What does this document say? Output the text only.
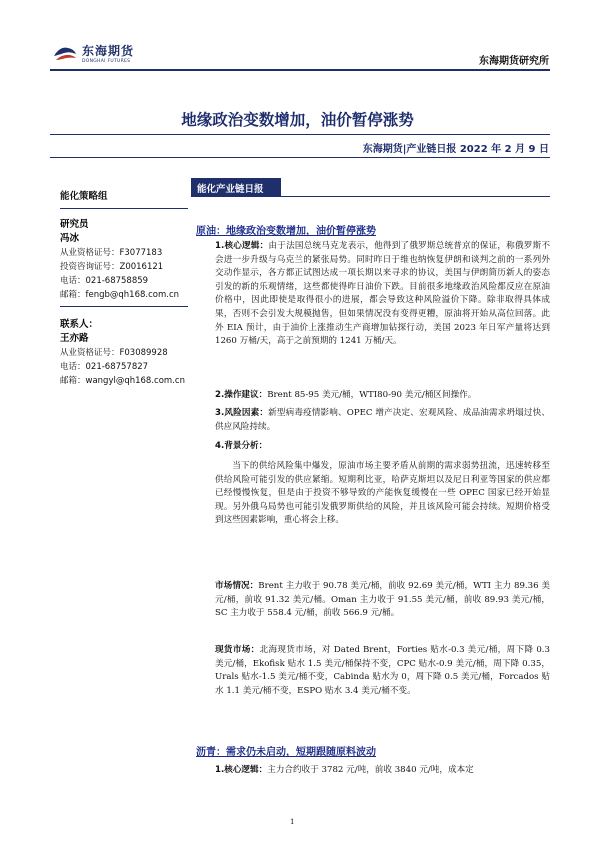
东海期货
DONGHAI FUTURES	东海期货研究所
地缘政治变数增加，油价暂停涨势
东海期货|产业链日报 2022 年 2 月 9 日
能化策略组
研究员
冯冰
从业资格证号：F3077183
投资咨询证号：Z0016121
电话：021-68758859
邮箱：fengb@qh168.com.cn
联系人：
王亦路
从业资格证号：F03089928
电话：021-68757827
邮箱：wangyl@qh168.com.cn
能化产业链日报
原油：地缘政治变数增加，油价暂停涨势
1.核心逻辑：由于法国总统马克龙表示，他得到了俄罗斯总统普京的保证，称俄罗斯不会进一步升级与乌克兰的紧张局势。同时昨日于维也纳恢复伊朗和谈判之前的一系列外交动作显示，各方都正试图达成一项长期以来寻求的协议，美国与伊朗简历新人的姿态引发的新的乐观情绪，这些都使得昨日油价下跌。目前很多地缘政治风险都反应在原油价格中，因此即使是取得很小的进展，都会导致这种风险溢价下降。除非取得具体成果，否则不会引发大规模抛售，但如果情况没有变得更糟，原油将开始从高位回落。此外 EIA 预计，由于油价上涨推动生产商增加钻探行动，美国 2023 年日军产量将达到 1260 万桶/天，高于之前预期的 1241 万桶/天。
2.操作建议：Brent 85-95 美元/桶，WTI80-90 美元/桶区间操作。
3.风险因素：新型病毒疫情影响、OPEC 增产决定、宏观风险、成品油需求坍塌过快、供应风险持续。
4.背景分析：
当下的供给风险集中爆发，原油市场主要矛盾从前期的需求弱势扭流，迅速转移至供给风险可能引发的供应紧缩。短期利比亚，哈萨克斯坦以及尼日利亚等国家的供应都已经慢慢恢复，但是由于投资不够导致的产能恢复缓慢在一些 OPEC 国家已经开始显现。另外俄乌局势也可能引发俄罗斯供给的风险，并且该风险可能会持续。短期价格受到这些因素影响，重心将会上移。
市场情况：Brent 主力收于 90.78 美元/桶，前收 92.69 美元/桶，WTI 主力 89.36 美元/桶，前收 91.32 美元/桶。Oman 主力收于 91.55 美元/桶，前收 89.93 美元/桶，SC 主力收于 558.4 元/桶，前收 566.9 元/桶。
现货市场：北海现货市场，对 Dated Brent，Forties 贴水-0.3 美元/桶，周下降 0.3 美元/桶，Ekofisk 贴水 1.5 美元/桶保持不变，CPC 贴水-0.9 美元/桶，周下降 0.35，Urals 贴水-1.5 美元/桶不变，Cabinda 贴水为 0，周下降 0.5 美元/桶，Forcados 贴水 1.1 美元/桶不变，ESPO 贴水 3.4 美元/桶不变。
沥青：需求仍未启动，短期跟随原料波动
1.核心逻辑：主力合约收于 3782 元/吨，前收 3840 元/吨，成本定
1
